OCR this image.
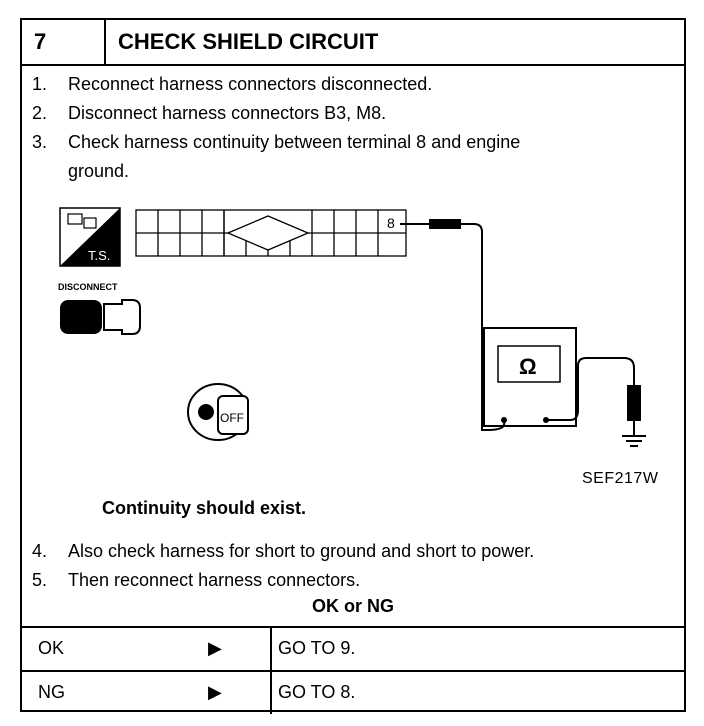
7	CHECK SHIELD CIRCUIT
1.	Reconnect harness connectors disconnected.
2.	Disconnect harness connectors B3, M8.
3.	Check harness continuity between terminal 8 and engine
ground.
T.S.
8
Ω
DISCONNECT
OFF
SEF217W
Continuity should exist.
4.	Also check harness for short to ground and short to power.
5.	Then reconnect harness connectors.
OK or NG
OK	▶	GO TO 9.
NG	▶	GO TO 8.
